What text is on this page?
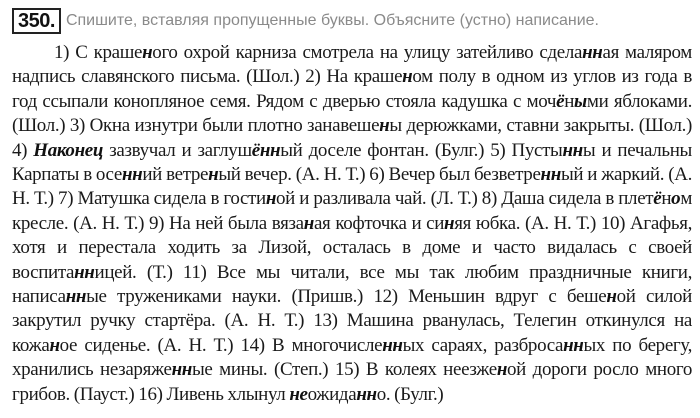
350. Спишите, вставляя пропущенные буквы. Объясните (устно) написание.

1) С крашеного охрой карниза смотрела на улицу затейливо сделанная маляром надпись славянского письма. (Шол.) 2) На крашеном полу в одном из углов из года в год ссыпали конопляное семя. Рядом с дверью стояла кадушка с мочёными яблоками. (Шол.) 3) Окна изнутри были плотно занавешены дерюжками, ставни закрыты. (Шол.) 4) Наконец зазвучал и заглушённый доселе фонтан. (Булг.) 5) Пустынны и печальны Карпаты в осенний ветреный вечер. (А. Н. Т.) 6) Вечер был безветренный и жаркий. (А. Н. Т.) 7) Матушка сидела в гостиной и разливала чай. (Л. Т.) 8) Даша сидела в плетёном кресле. (А. Н. Т.) 9) На ней была вязаная кофточка и синяя юбка. (А. Н. Т.) 10) Агафья, хотя и перестала ходить за Лизой, осталась в доме и часто видалась с своей воспитанницей. (Т.) 11) Все мы читали, все мы так любим праздничные книги, написанные тружениками науки. (Пришв.) 12) Меньшин вдруг с бешеной силой закрутил ручку стартёра. (А. Н. Т.) 13) Машина рванулась, Телегин откинулся на кожаное сиденье. (А. Н. Т.) 14) В многочисленных сараях, разбросанных по берегу, хранились незаряженные мины. (Степ.) 15) В колеях неезженой дороги росло много грибов. (Пауст.) 16) Ливень хлынул неожиданно. (Булг.)
